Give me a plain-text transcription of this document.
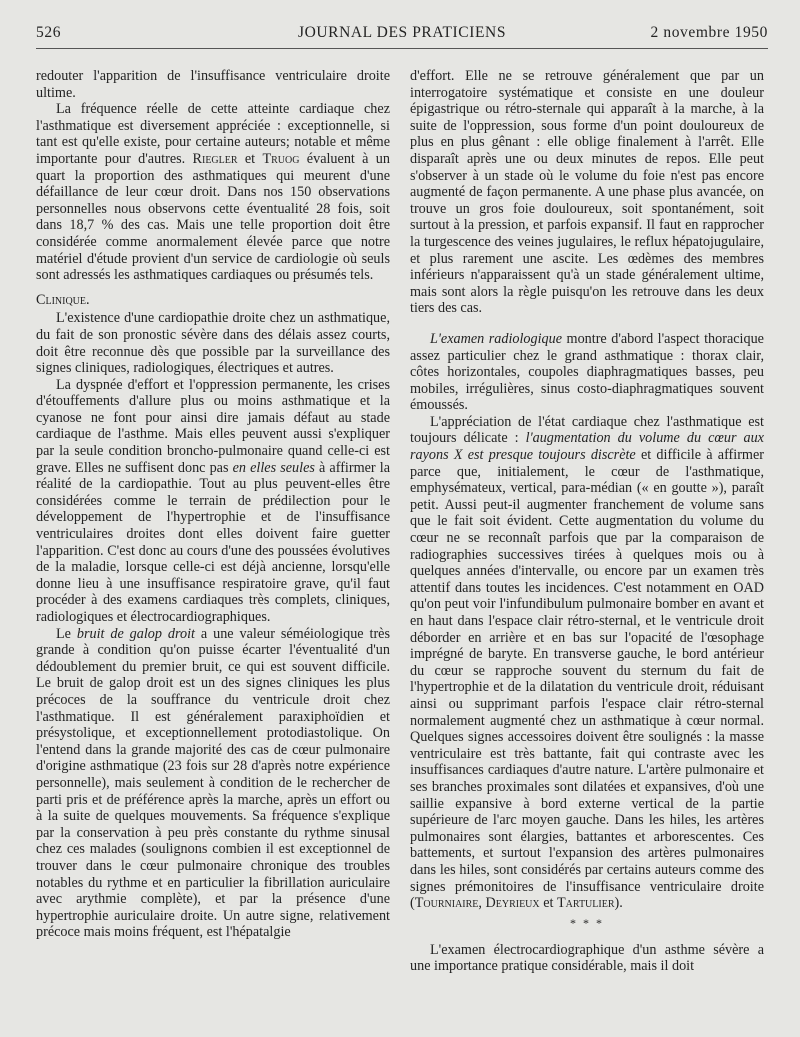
526	JOURNAL DES PRATICIENS	2 novembre 1950

redouter l'apparition de l'insuffisance ventriculaire droite ultime.

La fréquence réelle de cette atteinte cardiaque chez l'asthmatique est diversement appréciée : exceptionnelle, si tant est qu'elle existe, pour certaine auteurs; notable et même importante pour d'autres. Riegler et Truog évaluent à un quart la proportion des asthmatiques qui meurent d'une défaillance de leur cœur droit. Dans nos 150 observations personnelles nous observons cette éventualité 28 fois, soit dans 18,7 % des cas. Mais une telle proportion doit être considérée comme anormalement élevée parce que notre matériel d'étude provient d'un service de cardiologie où seuls sont adressés les asthmatiques cardiaques ou présumés tels.

Clinique.

L'existence d'une cardiopathie droite chez un asthmatique, du fait de son pronostic sévère dans des délais assez courts, doit être reconnue dès que possible par la surveillance des signes cliniques, radiologiques, électriques et autres.

La dyspnée d'effort et l'oppression permanente, les crises d'étouffements d'allure plus ou moins asthmatique et la cyanose ne font pour ainsi dire jamais défaut au stade cardiaque de l'asthme. Mais elles peuvent aussi s'expliquer par la seule condition broncho-pulmonaire quand celle-ci est grave. Elles ne suffisent donc pas en elles seules à affirmer la réalité de la cardiopathie. Tout au plus peuvent-elles être considérées comme le terrain de prédilection pour le développement de l'hypertrophie et de l'insuffisance ventriculaires droites dont elles doivent faire guetter l'apparition. C'est donc au cours d'une des poussées évolutives de la maladie, lorsque celle-ci est déjà ancienne, lorsqu'elle donne lieu à une insuffisance respiratoire grave, qu'il faut procéder à des examens cardiaques très complets, cliniques, radiologiques et électrocardiographiques.

Le bruit de galop droit a une valeur séméiologique très grande à condition qu'on puisse écarter l'éventualité d'un dédoublement du premier bruit, ce qui est souvent difficile. Le bruit de galop droit est un des signes cliniques les plus précoces de la souffrance du ventricule droit chez l'asthmatique. Il est généralement paraxiphoïdien et présystolique, et exceptionnellement protodiastolique. On l'entend dans la grande majorité des cas de cœur pulmonaire d'origine asthmatique (23 fois sur 28 d'après notre expérience personnelle), mais seulement à condition de le rechercher de parti pris et de préférence après la marche, après un effort ou à la suite de quelques mouvements. Sa fréquence s'explique par la conservation à peu près constante du rythme sinusal chez ces malades (soulignons combien il est exceptionnel de trouver dans le cœur pulmonaire chronique des troubles notables du rythme et en particulier la fibrillation auriculaire avec arythmie complète), et par la présence d'une hypertrophie auriculaire droite. Un autre signe, relativement précoce mais moins fréquent, est l'hépatalgie

d'effort. Elle ne se retrouve généralement que par un interrogatoire systématique et consiste en une douleur épigastrique ou rétro-sternale qui apparaît à la marche, à la suite de l'oppression, sous forme d'un point douloureux de plus en plus gênant : elle oblige finalement à l'arrêt. Elle disparaît après une ou deux minutes de repos. Elle peut s'observer à un stade où le volume du foie n'est pas encore augmenté de façon permanente. A une phase plus avancée, on trouve un gros foie douloureux, soit spontanément, soit surtout à la pression, et parfois expansif. Il faut en rapprocher la turgescence des veines jugulaires, le reflux hépatojugulaire, et plus rarement une ascite. Les œdèmes des membres inférieurs n'apparaissent qu'à un stade généralement ultime, mais sont alors la règle puisqu'on les retrouve dans les deux tiers des cas.

L'examen radiologique montre d'abord l'aspect thoracique assez particulier chez le grand asthmatique : thorax clair, côtes horizontales, coupoles diaphragmatiques basses, peu mobiles, irrégulières, sinus costo-diaphragmatiques souvent émoussés.

L'appréciation de l'état cardiaque chez l'asthmatique est toujours délicate : l'augmentation du volume du cœur aux rayons X est presque toujours discrète et difficile à affirmer parce que, initialement, le cœur de l'asthmatique, emphysémateux, vertical, para-médian (« en goutte »), paraît petit. Aussi peut-il augmenter franchement de volume sans que le fait soit évident. Cette augmentation du volume du cœur ne se reconnaît parfois que par la comparaison de radiographies successives tirées à quelques mois ou à quelques années d'intervalle, ou encore par un examen très attentif dans toutes les incidences. C'est notamment en OAD qu'on peut voir l'infundibulum pulmonaire bomber en avant et en haut dans l'espace clair rétro-sternal, et le ventricule droit déborder en arrière et en bas sur l'opacité de l'œsophage imprégné de baryte. En transverse gauche, le bord antérieur du cœur se rapproche souvent du sternum du fait de l'hypertrophie et de la dilatation du ventricule droit, réduisant ainsi ou supprimant parfois l'espace clair rétro-sternal normalement augmenté chez un asthmatique à cœur normal. Quelques signes accessoires doivent être soulignés : la masse ventriculaire est très battante, fait qui contraste avec les insuffisances cardiaques d'autre nature. L'artère pulmonaire et ses branches proximales sont dilatées et expansives, d'où une saillie expansive à bord externe vertical de la partie supérieure de l'arc moyen gauche. Dans les hiles, les artères pulmonaires sont élargies, battantes et arborescentes. Ces battements, et surtout l'expansion des artères pulmonaires dans les hiles, sont considérés par certains auteurs comme des signes prémonitoires de l'insuffisance ventriculaire droite (Tourniaire, Deyrieux et Tartulier).

* * *

L'examen électrocardiographique d'un asthme sévère a une importance pratique considérable, mais il doit
